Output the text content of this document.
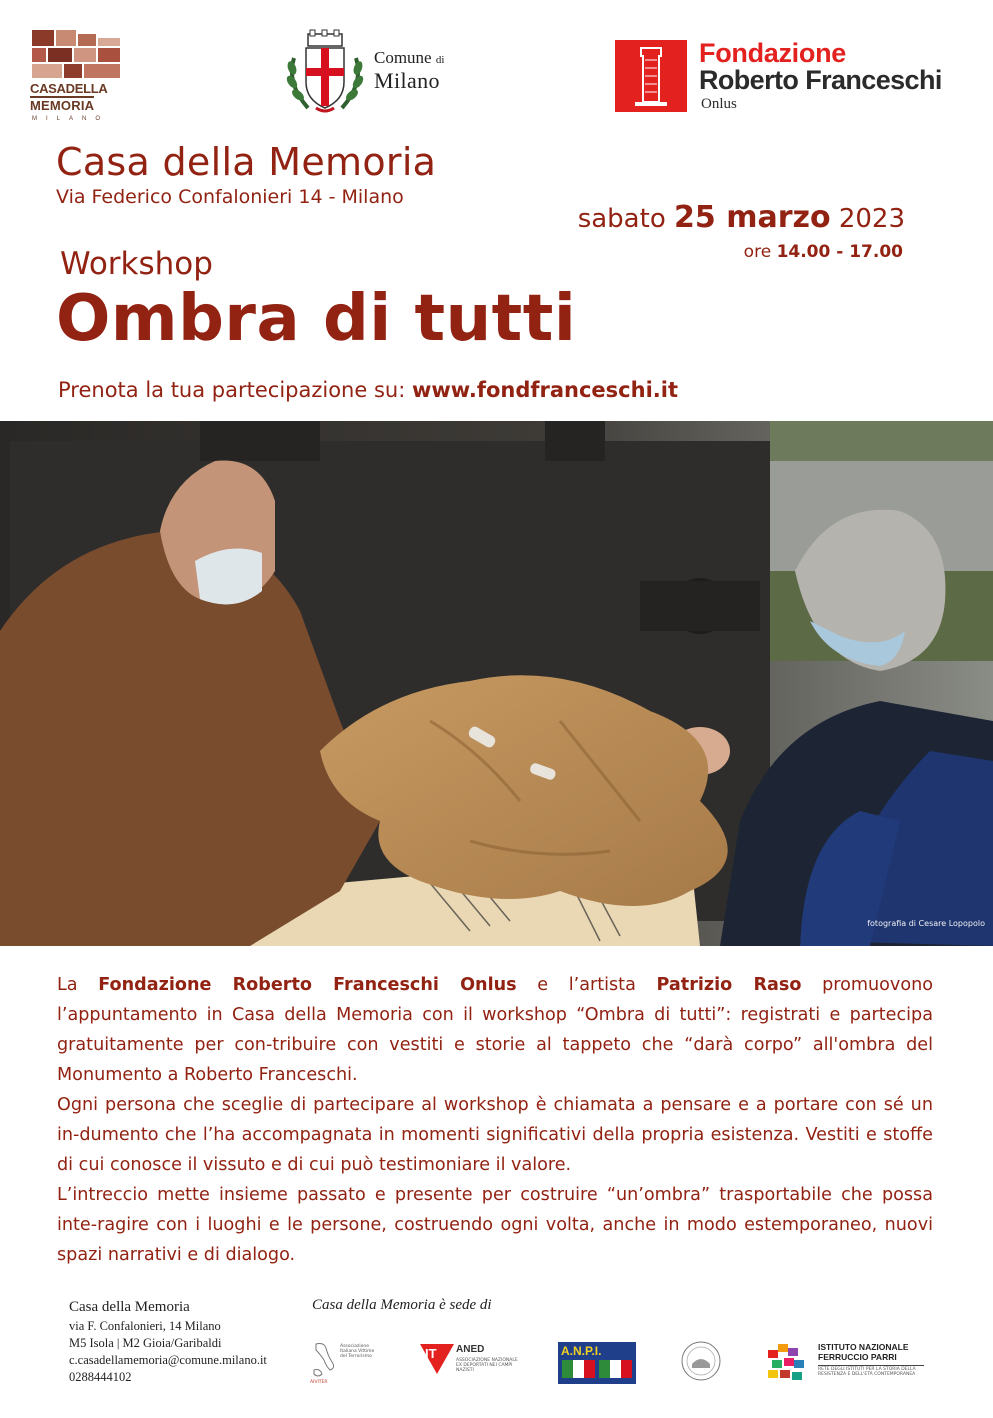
CASADELLA
MEMORIA
MILANO
Comune di
Milano
Fondazione
Roberto Franceschi
Onlus
Casa della Memoria
Via Federico Confalonieri 14 - Milano
sabato 25 marzo 2023
ore 14.00 - 17.00
Workshop
Ombra di tutti
Prenota la tua partecipazione su: www.fondfranceschi.it
fotografia di Cesare Lopopolo

La Fondazione Roberto Franceschi Onlus e l’artista Patrizio Raso promuovono l’appuntamento in Casa della Memoria con il workshop “Ombra di tutti”: registrati e partecipa gratuitamente per con-tribuire con vestiti e storie al tappeto che “darà corpo” all'ombra del Monumento a Roberto Franceschi.

Ogni persona che sceglie di partecipare al workshop è chiamata a pensare e a portare con sé un in-dumento che l’ha accompagnata in momenti significativi della propria esistenza. Vestiti e stoffe di cui conosce il vissuto e di cui può testimoniare il valore.

L’intreccio mette insieme passato e presente per costruire “un’ombra” trasportabile che possa inte-ragire con i luoghi e le persone, costruendo ogni volta, anche in modo estemporaneo, nuovi spazi narrativi e di dialogo.

Casa della Memoria
via F. Confalonieri, 14 Milano
M5 Isola | M2 Gioia/Garibaldi
c.casadellamemoria@comune.milano.it
0288444102
Casa della Memoria è sede di
Associazione Italiana Vittime del Terrorismo
AIVITER
IT ANED
ASSOCIAZIONE NAZIONALE EX DEPORTATI NEI CAMPI NAZISTI
A.N.P.I.	ISTITUTO NAZIONALE
FERRUCCIO PARRI
RETE DEGLI ISTITUTI PER LA STORIA DELLA RESISTENZA E DELL'ETÀ CONTEMPORANEA
